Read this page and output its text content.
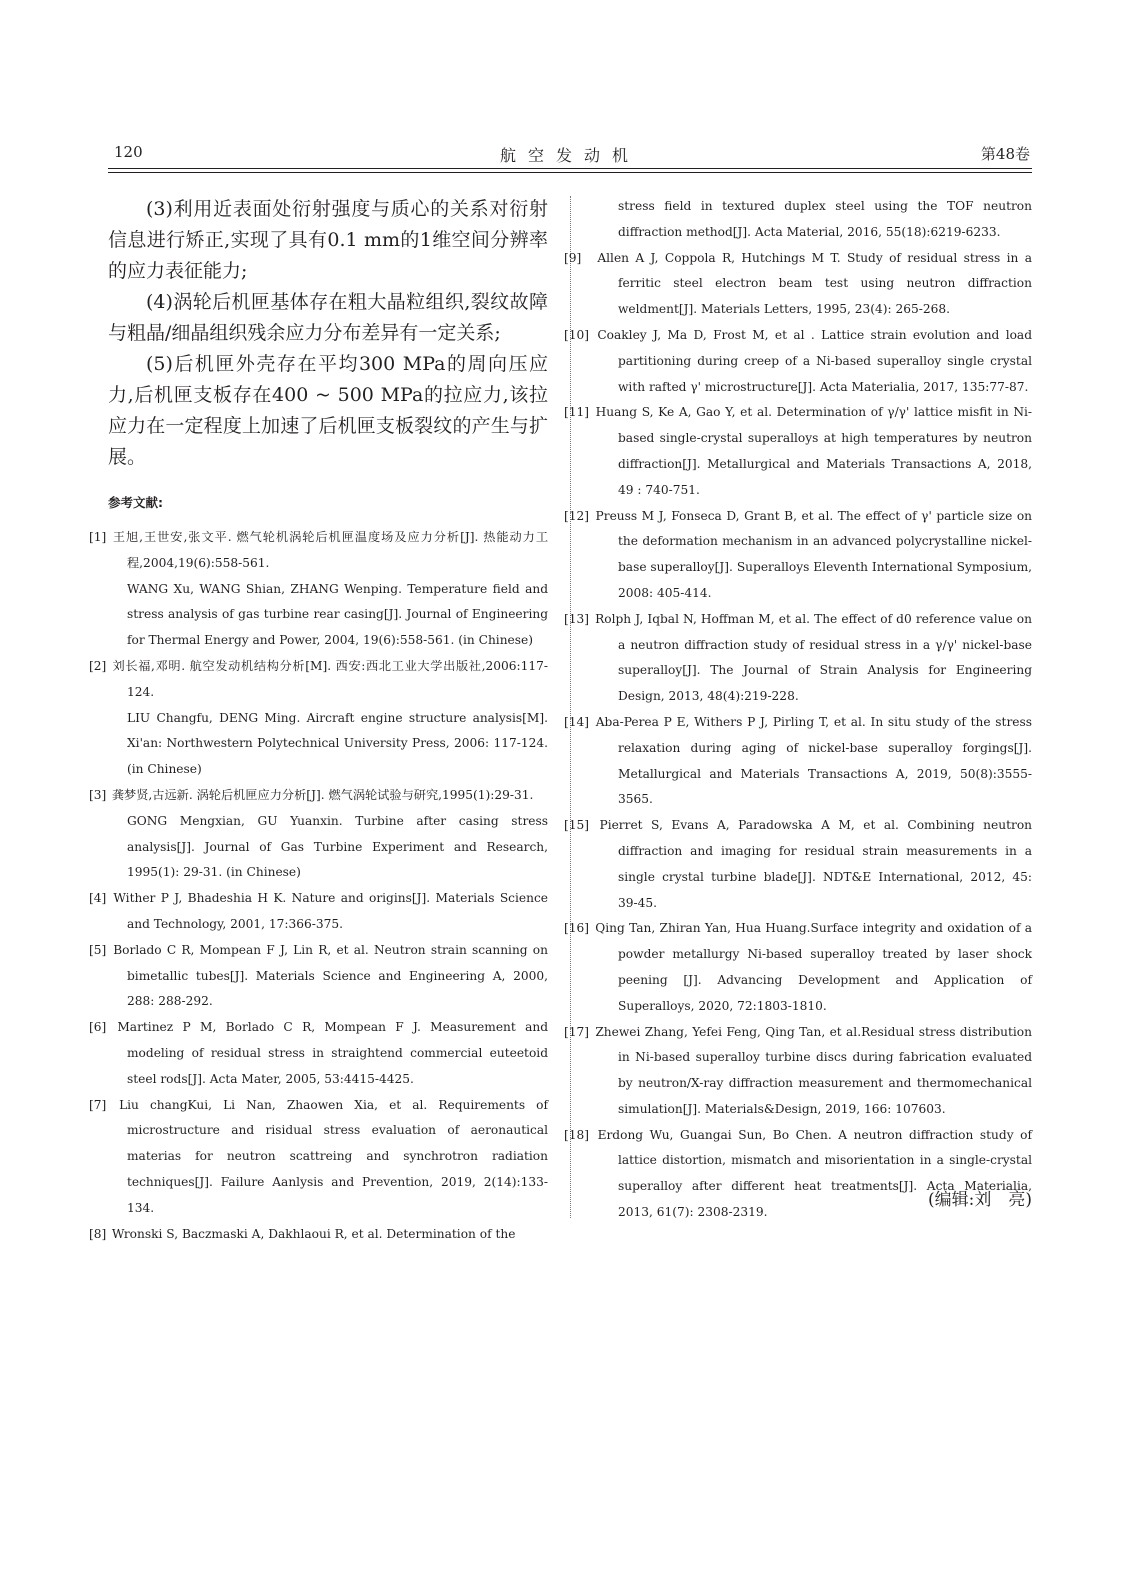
120	航空发动机	第48卷

(3)利用近表面处衍射强度与质心的关系对衍射信息进行矫正,实现了具有0.1 mm的1维空间分辨率的应力表征能力;

(4)涡轮后机匣基体存在粗大晶粒组织,裂纹故障与粗晶/细晶组织残余应力分布差异有一定关系;

(5)后机匣外壳存在平均300 MPa的周向压应力,后机匣支板存在400 ~ 500 MPa的拉应力,该拉应力在一定程度上加速了后机匣支板裂纹的产生与扩展。

参考文献:
[1] 王旭,王世安,张文平. 燃气轮机涡轮后机匣温度场及应力分析[J]. 热能动力工程,2004,19(6):558-561.
WANG Xu, WANG Shian, ZHANG Wenping. Temperature field and stress analysis of gas turbine rear casing[J]. Journal of Engineering for Thermal Energy and Power, 2004, 19(6):558-561. (in Chinese)
[2] 刘长福,邓明. 航空发动机结构分析[M]. 西安:西北工业大学出版社,2006:117-124.
LIU Changfu, DENG Ming. Aircraft engine structure analysis[M]. Xi'an: Northwestern Polytechnical University Press, 2006: 117-124. (in Chinese)
[3] 龚梦贤,古远新. 涡轮后机匣应力分析[J]. 燃气涡轮试验与研究,1995(1):29-31.
GONG Mengxian, GU Yuanxin. Turbine after casing stress analysis[J]. Journal of Gas Turbine Experiment and Research, 1995(1): 29-31. (in Chinese)
[4] Wither P J, Bhadeshia H K. Nature and origins[J]. Materials Science and Technology, 2001, 17:366-375.
[5] Borlado C R, Mompean F J, Lin R, et al. Neutron strain scanning on bimetallic tubes[J]. Materials Science and Engineering A, 2000, 288: 288-292.
[6] Martinez P M, Borlado C R, Mompean F J. Measurement and modeling of residual stress in straightend commercial euteetoid steel rods[J]. Acta Mater, 2005, 53:4415-4425.
[7] Liu changKui, Li Nan, Zhaowen Xia, et al. Requirements of microstructure and risidual stress evaluation of aeronautical materias for neutron scattreing and synchrotron radiation techniques[J]. Failure Aanlysis and Prevention, 2019, 2(14):133-134.
[8] Wronski S, Baczmaski A, Dakhlaoui R, et al. Determination of the
stress field in textured duplex steel using the TOF neutron diffraction method[J]. Acta Material, 2016, 55(18):6219-6233.
[9] Allen A J, Coppola R, Hutchings M T. Study of residual stress in a ferritic steel electron beam test using neutron diffraction weldment[J]. Materials Letters, 1995, 23(4): 265-268.
[10] Coakley J, Ma D, Frost M, et al . Lattice strain evolution and load partitioning during creep of a Ni-based superalloy single crystal with rafted γ' microstructure[J]. Acta Materialia, 2017, 135:77-87.
[11] Huang S, Ke A, Gao Y, et al. Determination of γ/γ' lattice misfit in Ni-based single-crystal superalloys at high temperatures by neutron diffraction[J]. Metallurgical and Materials Transactions A, 2018, 49 : 740-751.
[12] Preuss M J, Fonseca D, Grant B, et al. The effect of γ' particle size on the deformation mechanism in an advanced polycrystalline nickel-base superalloy[J]. Superalloys Eleventh International Symposium, 2008: 405-414.
[13] Rolph J, Iqbal N, Hoffman M, et al. The effect of d0 reference value on a neutron diffraction study of residual stress in a γ/γ' nickel-base superalloy[J]. The Journal of Strain Analysis for Engineering Design, 2013, 48(4):219-228.
[14] Aba-Perea P E, Withers P J, Pirling T, et al. In situ study of the stress relaxation during aging of nickel-base superalloy forgings[J]. Metallurgical and Materials Transactions A, 2019, 50(8):3555-3565.
[15] Pierret S, Evans A, Paradowska A M, et al. Combining neutron diffraction and imaging for residual strain measurements in a single crystal turbine blade[J]. NDT&E International, 2012, 45: 39-45.
[16] Qing Tan, Zhiran Yan, Hua Huang.Surface integrity and oxidation of a powder metallurgy Ni-based superalloy treated by laser shock peening [J]. Advancing Development and Application of Superalloys, 2020, 72:1803-1810.
[17] Zhewei Zhang, Yefei Feng, Qing Tan, et al.Residual stress distribution in Ni-based superalloy turbine discs during fabrication evaluated by neutron/X-ray diffraction measurement and thermomechanical simulation[J]. Materials&Design, 2019, 166: 107603.
[18] Erdong Wu, Guangai Sun, Bo Chen. A neutron diffraction study of lattice distortion, mismatch and misorientation in a single-crystal superalloy after different heat treatments[J]. Acta Materialia, 2013, 61(7): 2308-2319.
(编辑:刘　亮)
